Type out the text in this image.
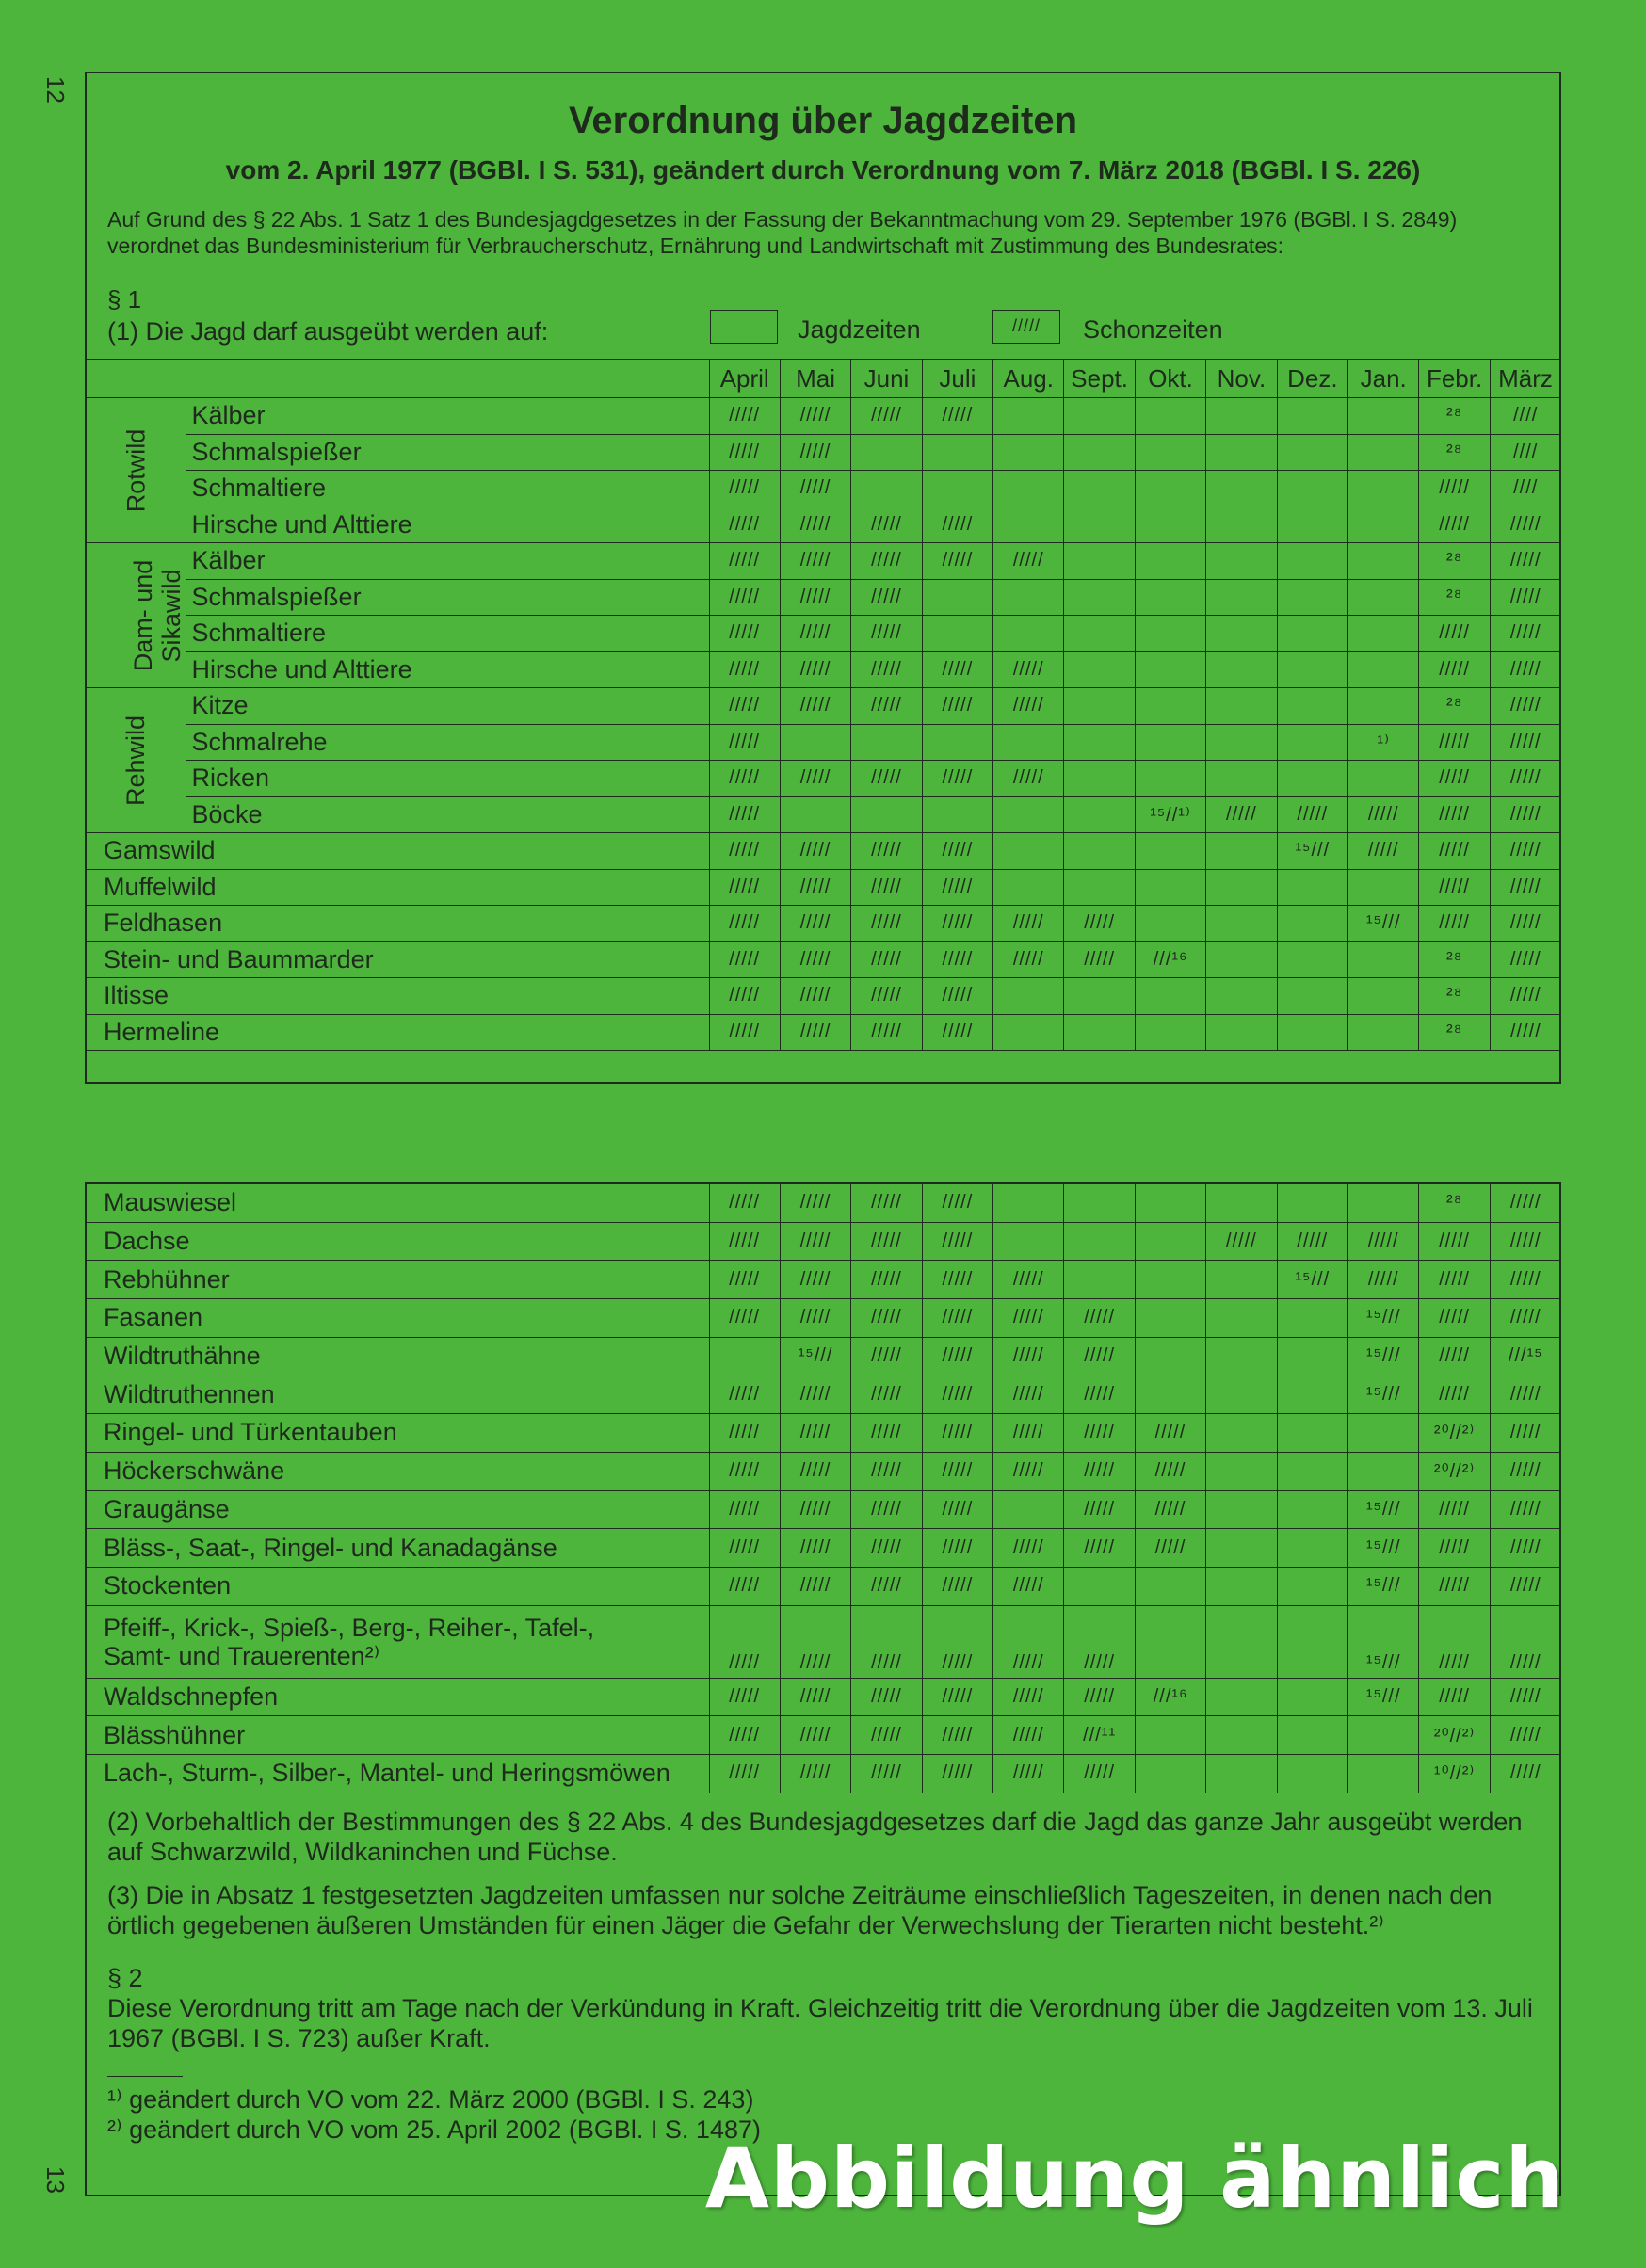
12
13
Verordnung über Jagdzeiten
vom 2. April 1977 (BGBl. I S. 531), geändert durch Verordnung vom 7. März 2018 (BGBl. I S. 226)
Auf Grund des § 22 Abs. 1 Satz 1 des Bundesjagdgesetzes in der Fassung der Bekanntmachung vom 29. September 1976 (BGBl. I S. 2849) verordnet das Bundesministerium für Verbraucherschutz, Ernährung und Landwirtschaft mit Zustimmung des Bundesrates:
§ 1
(1) Die Jagd darf ausgeübt werden auf:	Jagdzeiten	/////	Schonzeiten
		April	Mai	Juni	Juli	Aug.	Sept.	Okt.	Nov.	Dez.	Jan.	Febr.	März
Rotwild	Kälber	/////	/////	/////	/////							²⁸	////
	Schmalspießer	/////	/////									²⁸	////
	Schmaltiere	/////	/////									/////	////
	Hirsche und Alttiere	/////	/////	/////	/////							/////	/////
Dam- und Sikawild	Kälber	/////	/////	/////	/////	/////						²⁸	/////
	Schmalspießer	/////	/////	/////								²⁸	/////
	Schmaltiere	/////	/////	/////								/////	/////
	Hirsche und Alttiere	/////	/////	/////	/////	/////						/////	/////
Rehwild	Kitze	/////	/////	/////	/////	/////						²⁸	/////
	Schmalrehe	/////									¹⁾	/////	/////
	Ricken	/////	/////	/////	/////	/////						/////	/////
	Böcke	/////						¹⁵//¹⁾	/////	/////	/////	/////	/////
Gamswild		/////	/////	/////	/////					¹⁵///	/////	/////	/////
Muffelwild		/////	/////	/////	/////							/////	/////
Feldhasen		/////	/////	/////	/////	/////	/////				¹⁵///	/////	/////
Stein- und Baummarder		/////	/////	/////	/////	/////	/////	///¹⁶				²⁸	/////
Iltisse		/////	/////	/////	/////							²⁸	/////
Hermeline		/////	/////	/////	/////							²⁸	/////
Mauswiesel	/////	/////	/////	/////							²⁸	/////
Dachse	/////	/////	/////	/////				/////	/////	/////	/////	/////
Rebhühner	/////	/////	/////	/////	/////				¹⁵///	/////	/////	/////
Fasanen	/////	/////	/////	/////	/////	/////				¹⁵///	/////	/////
Wildtruthähne		¹⁵///	/////	/////	/////	/////				¹⁵///	/////	///¹⁵
Wildtruthennen	/////	/////	/////	/////	/////	/////				¹⁵///	/////	/////
Ringel- und Türkentauben	/////	/////	/////	/////	/////	/////	/////				²⁰//²⁾	/////
Höckerschwäne	/////	/////	/////	/////	/////	/////	/////				²⁰//²⁾	/////
Graugänse	/////	/////	/////	/////		/////	/////			¹⁵///	/////	/////
Bläss-, Saat-, Ringel- und Kanadagänse	/////	/////	/////	/////	/////	/////	/////			¹⁵///	/////	/////
Stockenten	/////	/////	/////	/////	/////					¹⁵///	/////	/////
Pfeiff-, Krick-, Spieß-, Berg-, Reiher-, Tafel-, Samt- und Trauerenten²⁾	/////	/////	/////	/////	/////	/////				¹⁵///	/////	/////
Waldschnepfen	/////	/////	/////	/////	/////	/////	///¹⁶			¹⁵///	/////	/////
Blässhühner	/////	/////	/////	/////	/////	///¹¹					²⁰//²⁾	/////
Lach-, Sturm-, Silber-, Mantel- und Heringsmöwen	/////	/////	/////	/////	/////	/////					¹⁰//²⁾	/////

(2) Vorbehaltlich der Bestimmungen des § 22 Abs. 4 des Bundesjagdgesetzes darf die Jagd das ganze Jahr ausgeübt werden auf Schwarzwild, Wildkaninchen und Füchse.

(3) Die in Absatz 1 festgesetzten Jagdzeiten umfassen nur solche Zeiträume einschließlich Tageszeiten, in denen nach den örtlich gegebenen äußeren Umständen für einen Jäger die Gefahr der Verwechslung der Tierarten nicht besteht.²⁾

§ 2

Diese Verordnung tritt am Tage nach der Verkündung in Kraft. Gleichzeitig tritt die Verordnung über die Jagdzeiten vom 13. Juli 1967 (BGBl. I S. 723) außer Kraft.

¹⁾ geändert durch VO vom 22. März 2000 (BGBl. I S. 243)
²⁾ geändert durch VO vom 25. April 2002 (BGBl. I S. 1487)
Abbildung ähnlich
